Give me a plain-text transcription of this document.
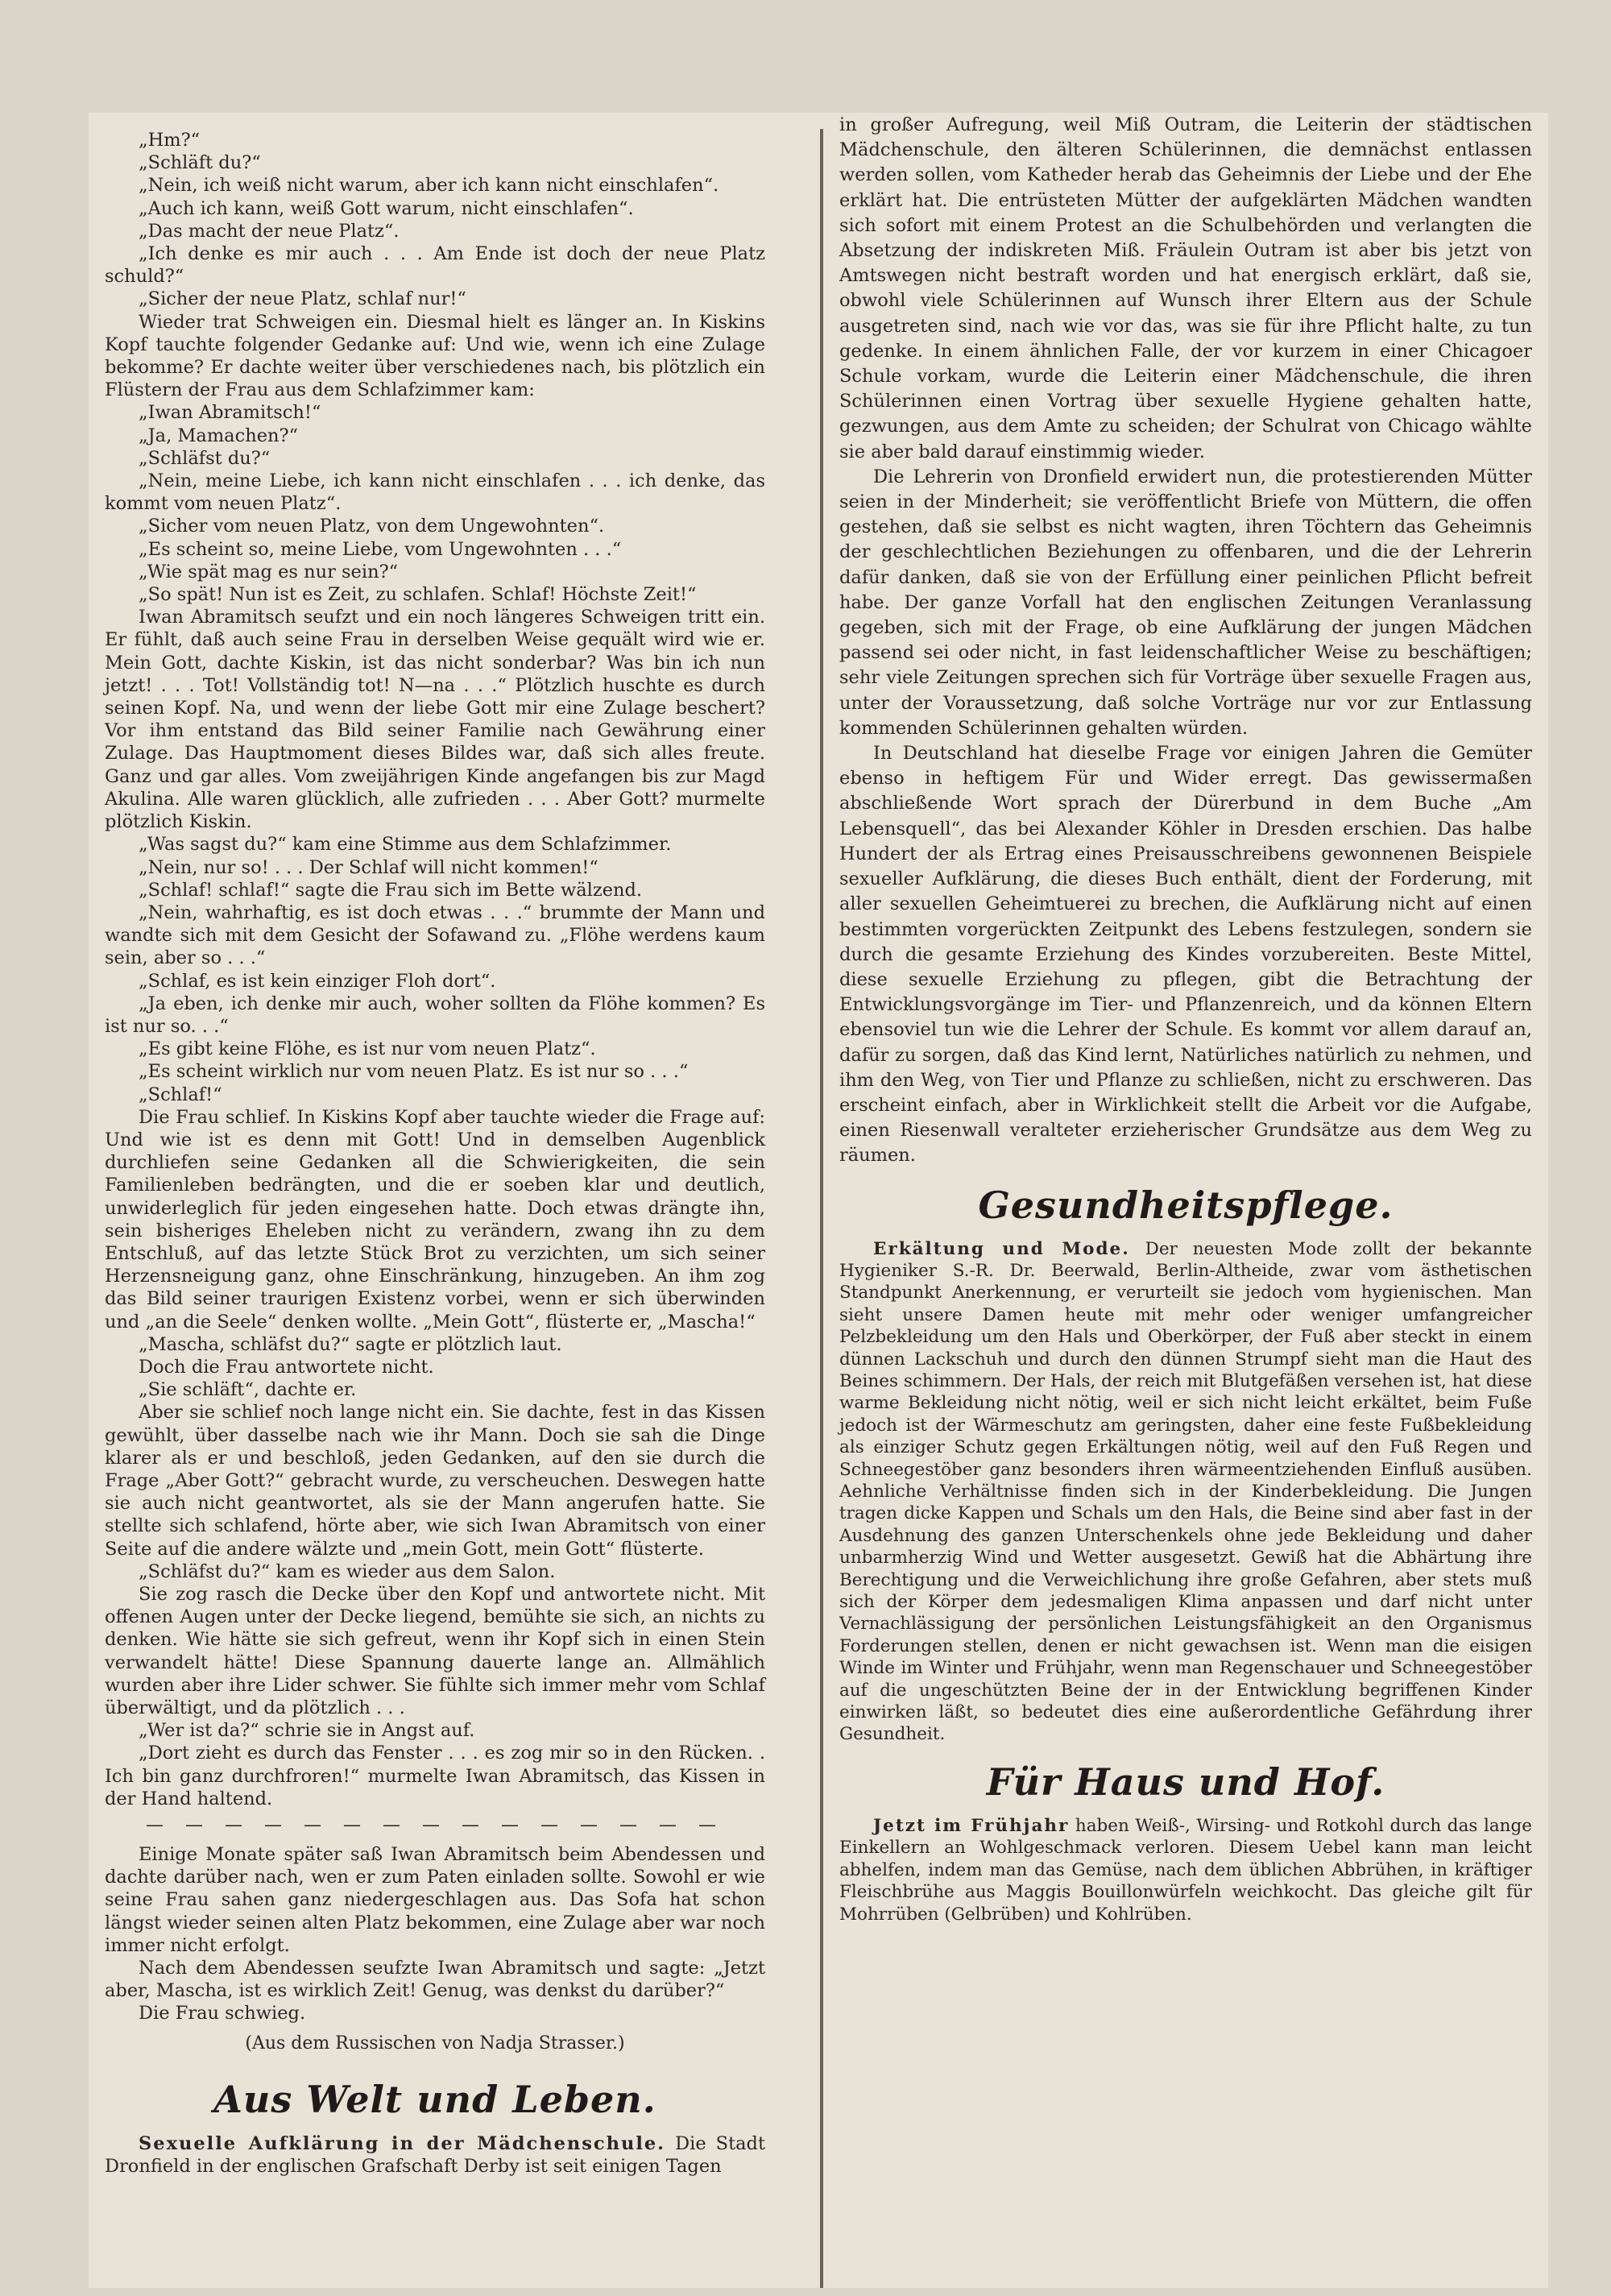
„Hm?“

„Schläft du?“

„Nein, ich weiß nicht warum, aber ich kann nicht einschlafen“.

„Auch ich kann, weiß Gott warum, nicht einschlafen“.

„Das macht der neue Platz“.

„Ich denke es mir auch . . . Am Ende ist doch der neue Platz schuld?“

„Sicher der neue Platz, schlaf nur!“

Wieder trat Schweigen ein. Diesmal hielt es länger an. In Kiskins Kopf tauchte folgender Gedanke auf: Und wie, wenn ich eine Zulage bekomme? Er dachte weiter über verschiedenes nach, bis plötzlich ein Flüstern der Frau aus dem Schlafzimmer kam:

„Iwan Abramitsch!“

„Ja, Mamachen?“

„Schläfst du?“

„Nein, meine Liebe, ich kann nicht einschlafen . . . ich denke, das kommt vom neuen Platz“.

„Sicher vom neuen Platz, von dem Ungewohnten“.

„Es scheint so, meine Liebe, vom Ungewohnten . . .“

„Wie spät mag es nur sein?“

„So spät! Nun ist es Zeit, zu schlafen. Schlaf! Höchste Zeit!“

Iwan Abramitsch seufzt und ein noch längeres Schweigen tritt ein. Er fühlt, daß auch seine Frau in derselben Weise gequält wird wie er. Mein Gott, dachte Kiskin, ist das nicht sonderbar? Was bin ich nun jetzt! . . . Tot! Vollständig tot! N—na . . .“ Plötzlich huschte es durch seinen Kopf. Na, und wenn der liebe Gott mir eine Zulage beschert? Vor ihm entstand das Bild seiner Familie nach Gewährung einer Zulage. Das Hauptmoment dieses Bildes war, daß sich alles freute. Ganz und gar alles. Vom zweijährigen Kinde angefangen bis zur Magd Akulina. Alle waren glücklich, alle zufrieden . . . Aber Gott? murmelte plötzlich Kiskin.

„Was sagst du?“ kam eine Stimme aus dem Schlafzimmer.

„Nein, nur so! . . . Der Schlaf will nicht kommen!“

„Schlaf! schlaf!“ sagte die Frau sich im Bette wälzend.

„Nein, wahrhaftig, es ist doch etwas . . .“ brummte der Mann und wandte sich mit dem Gesicht der Sofawand zu. „Flöhe werdens kaum sein, aber so . . .“

„Schlaf, es ist kein einziger Floh dort“.

„Ja eben, ich denke mir auch, woher sollten da Flöhe kommen? Es ist nur so. . .“

„Es gibt keine Flöhe, es ist nur vom neuen Platz“.

„Es scheint wirklich nur vom neuen Platz. Es ist nur so . . .“

„Schlaf!“

Die Frau schlief. In Kiskins Kopf aber tauchte wieder die Frage auf: Und wie ist es denn mit Gott! Und in demselben Augenblick durchliefen seine Gedanken all die Schwierigkeiten, die sein Familienleben bedrängten, und die er soeben klar und deutlich, unwiderleglich für jeden eingesehen hatte. Doch etwas drängte ihn, sein bisheriges Eheleben nicht zu verändern, zwang ihn zu dem Entschluß, auf das letzte Stück Brot zu verzichten, um sich seiner Herzensneigung ganz, ohne Einschränkung, hinzugeben. An ihm zog das Bild seiner traurigen Existenz vorbei, wenn er sich überwinden und „an die Seele“ denken wollte. „Mein Gott“, flüsterte er, „Mascha!“

„Mascha, schläfst du?“ sagte er plötzlich laut.

Doch die Frau antwortete nicht.

„Sie schläft“, dachte er.

Aber sie schlief noch lange nicht ein. Sie dachte, fest in das Kissen gewühlt, über dasselbe nach wie ihr Mann. Doch sie sah die Dinge klarer als er und beschloß, jeden Gedanken, auf den sie durch die Frage „Aber Gott?“ gebracht wurde, zu verscheuchen. Deswegen hatte sie auch nicht geantwortet, als sie der Mann angerufen hatte. Sie stellte sich schlafend, hörte aber, wie sich Iwan Abramitsch von einer Seite auf die andere wälzte und „mein Gott, mein Gott“ flüsterte.

„Schläfst du?“ kam es wieder aus dem Salon.

Sie zog rasch die Decke über den Kopf und antwortete nicht. Mit offenen Augen unter der Decke liegend, bemühte sie sich, an nichts zu denken. Wie hätte sie sich gefreut, wenn ihr Kopf sich in einen Stein verwandelt hätte! Diese Spannung dauerte lange an. Allmählich wurden aber ihre Lider schwer. Sie fühlte sich immer mehr vom Schlaf überwältigt, und da plötzlich . . .

„Wer ist da?“ schrie sie in Angst auf.

„Dort zieht es durch das Fenster . . . es zog mir so in den Rücken. . Ich bin ganz durchfroren!“ murmelte Iwan Abramitsch, das Kissen in der Hand haltend.

— — — — — — — — — — — — — — —

Einige Monate später saß Iwan Abramitsch beim Abendessen und dachte darüber nach, wen er zum Paten einladen sollte. Sowohl er wie seine Frau sahen ganz niedergeschlagen aus. Das Sofa hat schon längst wieder seinen alten Platz bekommen, eine Zulage aber war noch immer nicht erfolgt.

Nach dem Abendessen seufzte Iwan Abramitsch und sagte: „Jetzt aber, Mascha, ist es wirklich Zeit! Genug, was denkst du darüber?“

Die Frau schwieg.

(Aus dem Russischen von Nadja Strasser.)
Aus Welt und Leben.

Sexuelle Aufklärung in der Mädchenschule. Die Stadt Dronfield in der englischen Grafschaft Derby ist seit einigen Tagen

in großer Aufregung, weil Miß Outram, die Leiterin der städtischen Mädchenschule, den älteren Schülerinnen, die demnächst entlassen werden sollen, vom Katheder herab das Geheimnis der Liebe und der Ehe erklärt hat. Die entrüsteten Mütter der aufgeklärten Mädchen wandten sich sofort mit einem Protest an die Schulbehörden und verlangten die Absetzung der indiskreten Miß. Fräulein Outram ist aber bis jetzt von Amtswegen nicht bestraft worden und hat energisch erklärt, daß sie, obwohl viele Schülerinnen auf Wunsch ihrer Eltern aus der Schule ausgetreten sind, nach wie vor das, was sie für ihre Pflicht halte, zu tun gedenke. In einem ähnlichen Falle, der vor kurzem in einer Chicagoer Schule vorkam, wurde die Leiterin einer Mädchenschule, die ihren Schülerinnen einen Vortrag über sexuelle Hygiene gehalten hatte, gezwungen, aus dem Amte zu scheiden; der Schulrat von Chicago wählte sie aber bald darauf einstimmig wieder.

Die Lehrerin von Dronfield erwidert nun, die protestierenden Mütter seien in der Minderheit; sie veröffentlicht Briefe von Müttern, die offen gestehen, daß sie selbst es nicht wagten, ihren Töchtern das Geheimnis der geschlechtlichen Beziehungen zu offenbaren, und die der Lehrerin dafür danken, daß sie von der Erfüllung einer peinlichen Pflicht befreit habe. Der ganze Vorfall hat den englischen Zeitungen Veranlassung gegeben, sich mit der Frage, ob eine Aufklärung der jungen Mädchen passend sei oder nicht, in fast leidenschaftlicher Weise zu beschäftigen; sehr viele Zeitungen sprechen sich für Vorträge über sexuelle Fragen aus, unter der Voraussetzung, daß solche Vorträge nur vor zur Entlassung kommenden Schülerinnen gehalten würden.

In Deutschland hat dieselbe Frage vor einigen Jahren die Gemüter ebenso in heftigem Für und Wider erregt. Das gewissermaßen abschließende Wort sprach der Dürerbund in dem Buche „Am Lebensquell“, das bei Alexander Köhler in Dresden erschien. Das halbe Hundert der als Ertrag eines Preisausschreibens gewonnenen Beispiele sexueller Aufklärung, die dieses Buch enthält, dient der Forderung, mit aller sexuellen Geheimtuerei zu brechen, die Aufklärung nicht auf einen bestimmten vorgerückten Zeitpunkt des Lebens festzulegen, sondern sie durch die gesamte Erziehung des Kindes vorzubereiten. Beste Mittel, diese sexuelle Erziehung zu pflegen, gibt die Betrachtung der Entwicklungsvorgänge im Tier- und Pflanzenreich, und da können Eltern ebensoviel tun wie die Lehrer der Schule. Es kommt vor allem darauf an, dafür zu sorgen, daß das Kind lernt, Natürliches natürlich zu nehmen, und ihm den Weg, von Tier und Pflanze zu schließen, nicht zu erschweren. Das erscheint einfach, aber in Wirklichkeit stellt die Arbeit vor die Aufgabe, einen Riesenwall veralteter erzieherischer Grundsätze aus dem Weg zu räumen.

Gesundheitspflege.

Erkältung und Mode. Der neuesten Mode zollt der bekannte Hygieniker S.-R. Dr. Beerwald, Berlin-Altheide, zwar vom ästhetischen Standpunkt Anerkennung, er verurteilt sie jedoch vom hygienischen. Man sieht unsere Damen heute mit mehr oder weniger umfangreicher Pelzbekleidung um den Hals und Oberkörper, der Fuß aber steckt in einem dünnen Lackschuh und durch den dünnen Strumpf sieht man die Haut des Beines schimmern. Der Hals, der reich mit Blutgefäßen versehen ist, hat diese warme Bekleidung nicht nötig, weil er sich nicht leicht erkältet, beim Fuße jedoch ist der Wärmeschutz am geringsten, daher eine feste Fußbekleidung als einziger Schutz gegen Erkältungen nötig, weil auf den Fuß Regen und Schneegestöber ganz besonders ihren wärmeentziehenden Einfluß ausüben. Aehnliche Verhältnisse finden sich in der Kinderbekleidung. Die Jungen tragen dicke Kappen und Schals um den Hals, die Beine sind aber fast in der Ausdehnung des ganzen Unterschenkels ohne jede Bekleidung und daher unbarmherzig Wind und Wetter ausgesetzt. Gewiß hat die Abhärtung ihre Berechtigung und die Verweichlichung ihre große Gefahren, aber stets muß sich der Körper dem jedesmaligen Klima anpassen und darf nicht unter Vernachlässigung der persönlichen Leistungsfähigkeit an den Organismus Forderungen stellen, denen er nicht gewachsen ist. Wenn man die eisigen Winde im Winter und Frühjahr, wenn man Regenschauer und Schneegestöber auf die ungeschützten Beine der in der Entwicklung begriffenen Kinder einwirken läßt, so bedeutet dies eine außerordentliche Gefährdung ihrer Gesundheit.

Für Haus und Hof.

Jetzt im Frühjahr haben Weiß-, Wirsing- und Rotkohl durch das lange Einkellern an Wohlgeschmack verloren. Diesem Uebel kann man leicht abhelfen, indem man das Gemüse, nach dem üblichen Abbrühen, in kräftiger Fleischbrühe aus Maggis Bouillonwürfeln weichkocht. Das gleiche gilt für Mohrrüben (Gelbrüben) und Kohlrüben.
